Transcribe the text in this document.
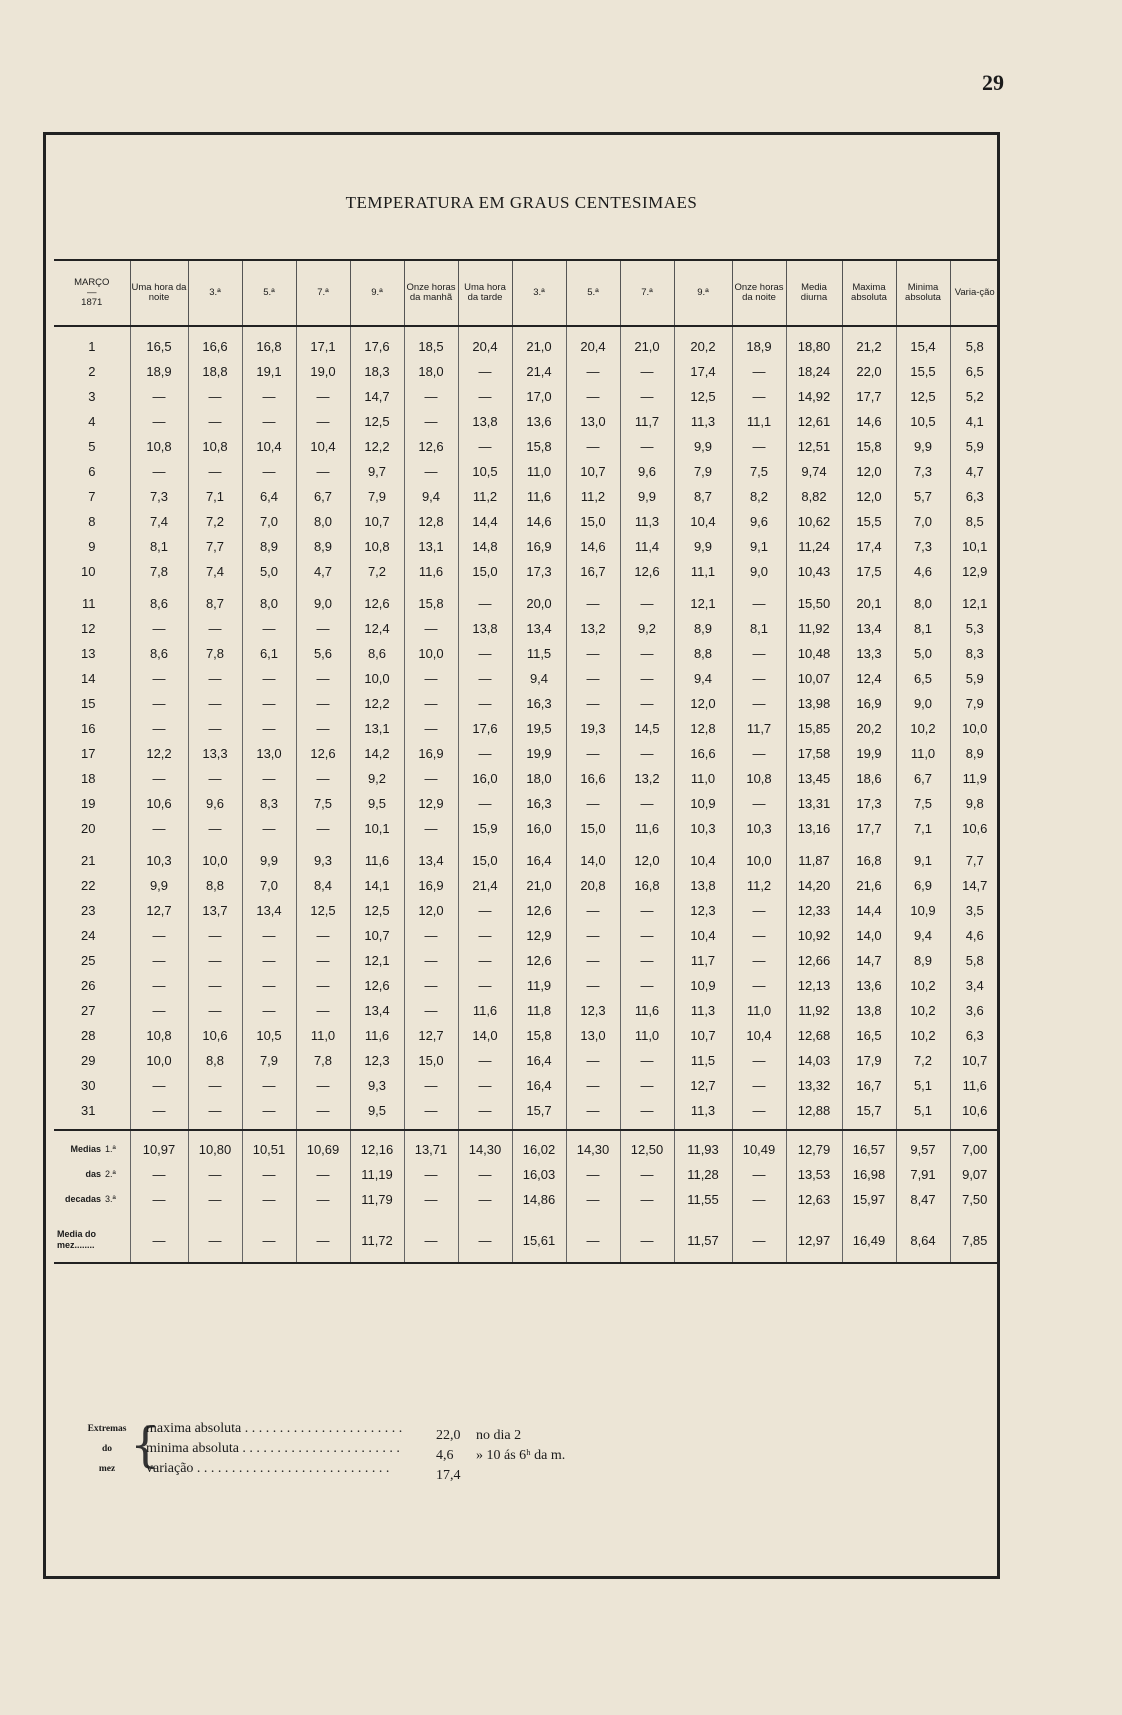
29
TEMPERATURA EM GRAUS CENTESIMAES
MARÇO
—
1871	Uma hora da noite	3.ª	5.ª	7.ª	9.ª	Onze horas da manhã	Uma hora da tarde	3.ª	5.ª	7.ª	9.ª	Onze horas da noite	Media diurna	Maxima absoluta	Minima absoluta	Varia-ção

1	16,5	16,6	16,8	17,1	17,6	18,5	20,4	21,0	20,4	21,0	20,2	18,9	18,80	21,2	15,4	5,8
2	18,9	18,8	19,1	19,0	18,3	18,0	—	21,4	—	—	17,4	—	18,24	22,0	15,5	6,5
3	—	—	—	—	14,7	—	—	17,0	—	—	12,5	—	14,92	17,7	12,5	5,2
4	—	—	—	—	12,5	—	13,8	13,6	13,0	11,7	11,3	11,1	12,61	14,6	10,5	4,1
5	10,8	10,8	10,4	10,4	12,2	12,6	—	15,8	—	—	9,9	—	12,51	15,8	9,9	5,9
6	—	—	—	—	9,7	—	10,5	11,0	10,7	9,6	7,9	7,5	9,74	12,0	7,3	4,7
7	7,3	7,1	6,4	6,7	7,9	9,4	11,2	11,6	11,2	9,9	8,7	8,2	8,82	12,0	5,7	6,3
8	7,4	7,2	7,0	8,0	10,7	12,8	14,4	14,6	15,0	11,3	10,4	9,6	10,62	15,5	7,0	8,5
9	8,1	7,7	8,9	8,9	10,8	13,1	14,8	16,9	14,6	11,4	9,9	9,1	11,24	17,4	7,3	10,1
10	7,8	7,4	5,0	4,7	7,2	11,6	15,0	17,3	16,7	12,6	11,1	9,0	10,43	17,5	4,6	12,9

11	8,6	8,7	8,0	9,0	12,6	15,8	—	20,0	—	—	12,1	—	15,50	20,1	8,0	12,1
12	—	—	—	—	12,4	—	13,8	13,4	13,2	9,2	8,9	8,1	11,92	13,4	8,1	5,3
13	8,6	7,8	6,1	5,6	8,6	10,0	—	11,5	—	—	8,8	—	10,48	13,3	5,0	8,3
14	—	—	—	—	10,0	—	—	9,4	—	—	9,4	—	10,07	12,4	6,5	5,9
15	—	—	—	—	12,2	—	—	16,3	—	—	12,0	—	13,98	16,9	9,0	7,9
16	—	—	—	—	13,1	—	17,6	19,5	19,3	14,5	12,8	11,7	15,85	20,2	10,2	10,0
17	12,2	13,3	13,0	12,6	14,2	16,9	—	19,9	—	—	16,6	—	17,58	19,9	11,0	8,9
18	—	—	—	—	9,2	—	16,0	18,0	16,6	13,2	11,0	10,8	13,45	18,6	6,7	11,9
19	10,6	9,6	8,3	7,5	9,5	12,9	—	16,3	—	—	10,9	—	13,31	17,3	7,5	9,8
20	—	—	—	—	10,1	—	15,9	16,0	15,0	11,6	10,3	10,3	13,16	17,7	7,1	10,6

21	10,3	10,0	9,9	9,3	11,6	13,4	15,0	16,4	14,0	12,0	10,4	10,0	11,87	16,8	9,1	7,7
22	9,9	8,8	7,0	8,4	14,1	16,9	21,4	21,0	20,8	16,8	13,8	11,2	14,20	21,6	6,9	14,7
23	12,7	13,7	13,4	12,5	12,5	12,0	—	12,6	—	—	12,3	—	12,33	14,4	10,9	3,5
24	—	—	—	—	10,7	—	—	12,9	—	—	10,4	—	10,92	14,0	9,4	4,6
25	—	—	—	—	12,1	—	—	12,6	—	—	11,7	—	12,66	14,7	8,9	5,8
26	—	—	—	—	12,6	—	—	11,9	—	—	10,9	—	12,13	13,6	10,2	3,4
27	—	—	—	—	13,4	—	11,6	11,8	12,3	11,6	11,3	11,0	11,92	13,8	10,2	3,6
28	10,8	10,6	10,5	11,0	11,6	12,7	14,0	15,8	13,0	11,0	10,7	10,4	12,68	16,5	10,2	6,3
29	10,0	8,8	7,9	7,8	12,3	15,0	—	16,4	—	—	11,5	—	14,03	17,9	7,2	10,7
30	—	—	—	—	9,3	—	—	16,4	—	—	12,7	—	13,32	16,7	5,1	11,6
31	—	—	—	—	9,5	—	—	15,7	—	—	11,3	—	12,88	15,7	5,1	10,6

Medias 1.ª	10,97	10,80	10,51	10,69	12,16	13,71	14,30	16,02	14,30	12,50	11,93	10,49	12,79	16,57	9,57	7,00
das 2.ª	—	—	—	—	11,19	—	—	16,03	—	—	11,28	—	13,53	16,98	7,91	9,07
decadas 3.ª	—	—	—	—	11,79	—	—	14,86	—	—	11,55	—	12,63	15,97	8,47	7,50

Media do mez........	—	—	—	—	11,72	—	—	15,61	—	—	11,57	—	12,97	16,49	8,64	7,85
Extremas
do
mez {
maxima absoluta . . . . . . . . . . . . . . . . . . . . . . . 22,0 no dia 2
minima absoluta . . . . . . . . . . . . . . . . . . . . . . .	4,6 » 10 ás 6ʰ da m.
variação . . . . . . . . . . . . . . . . . . . . . . . . . . . .	17,4
